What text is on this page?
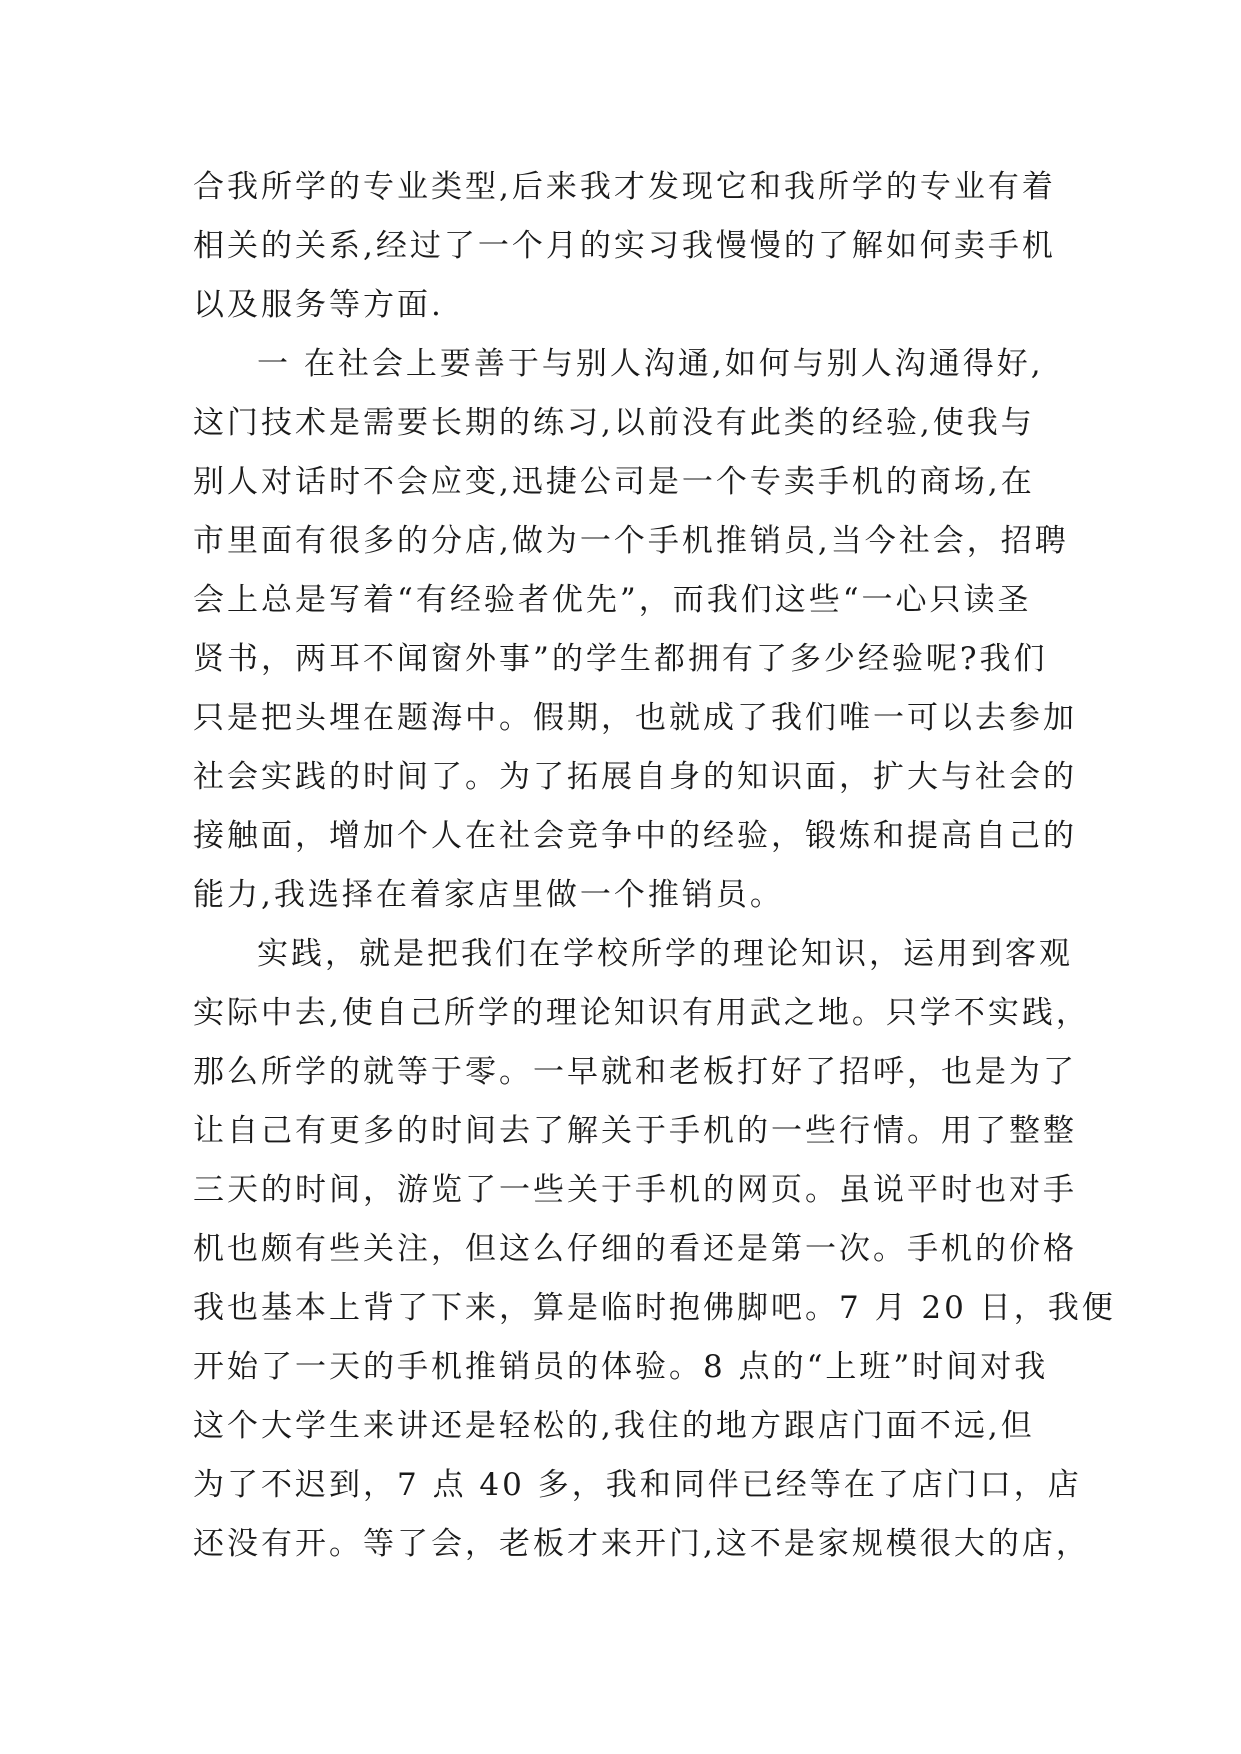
合我所学的专业类型,后来我才发现它和我所学的专业有着
相关的关系,经过了一个月的实习我慢慢的了解如何卖手机
以及服务等方面.
一 在社会上要善于与别人沟通,如何与别人沟通得好,
这门技术是需要长期的练习,以前没有此类的经验,使我与
别人对话时不会应变,迅捷公司是一个专卖手机的商场,在
市里面有很多的分店,做为一个手机推销员,当今社会，招聘
会上总是写着“有经验者优先”，而我们这些“一心只读圣
贤书，两耳不闻窗外事”的学生都拥有了多少经验呢?我们
只是把头埋在题海中。假期，也就成了我们唯一可以去参加
社会实践的时间了。为了拓展自身的知识面，扩大与社会的
接触面，增加个人在社会竞争中的经验，锻炼和提高自己的
能力,我选择在着家店里做一个推销员。
实践，就是把我们在学校所学的理论知识，运用到客观
实际中去,使自己所学的理论知识有用武之地。只学不实践，
那么所学的就等于零。一早就和老板打好了招呼，也是为了
让自己有更多的时间去了解关于手机的一些行情。用了整整
三天的时间，游览了一些关于手机的网页。虽说平时也对手
机也颇有些关注，但这么仔细的看还是第一次。手机的价格
我也基本上背了下来，算是临时抱佛脚吧。7 月 20 日，我便
开始了一天的手机推销员的体验。8 点的“上班”时间对我
这个大学生来讲还是轻松的,我住的地方跟店门面不远,但
为了不迟到，7 点 40 多，我和同伴已经等在了店门口，店
还没有开。等了会，老板才来开门,这不是家规模很大的店，
